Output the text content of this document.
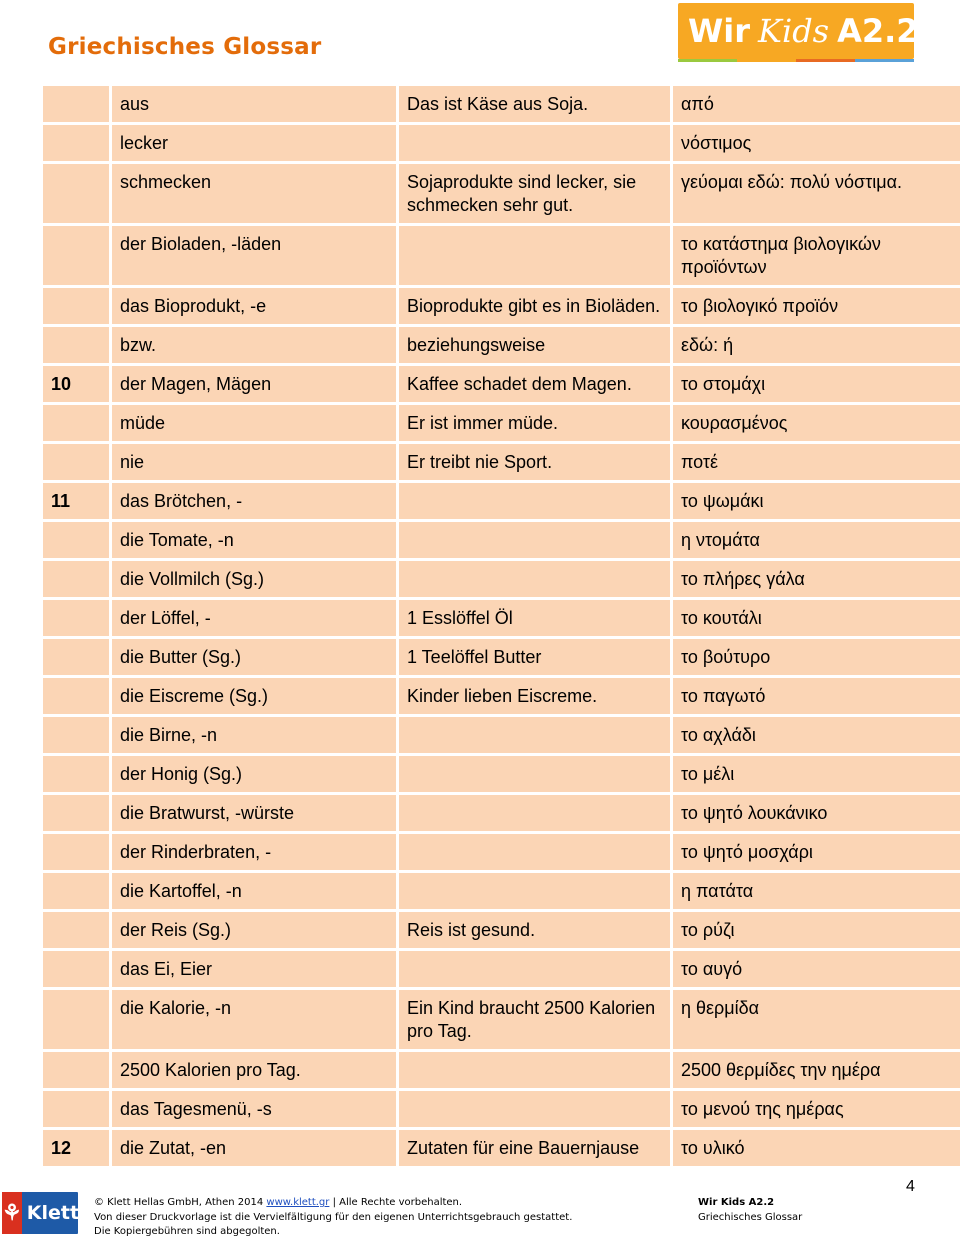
Griechisches Glossar	Wir Kids A2.2
	aus	Das ist Käse aus Soja.	από
	lecker		νόστιμος
	schmecken	Sojaprodukte sind lecker, sie schmecken sehr gut.	γεύομαι εδώ: πολύ νόστιμα.
	der Bioladen, -läden		το κατάστημα βιολογικών προϊόντων
	das Bioprodukt, -e	Bioprodukte gibt es in Bioläden.	το βιολογικό προϊόν
	bzw.	beziehungsweise	εδώ: ή
10	der Magen, Mägen	Kaffee schadet dem Magen.	το στομάχι
	müde	Er ist immer müde.	κουρασμένος
	nie	Er treibt nie Sport.	ποτέ
11	das Brötchen, -		το ψωμάκι
	die Tomate, -n		η ντομάτα
	die Vollmilch (Sg.)		το πλήρες γάλα
	der Löffel, -	1 Esslöffel Öl	το κουτάλι
	die Butter (Sg.)	1 Teelöffel Butter	το βούτυρο
	die Eiscreme (Sg.)	Kinder lieben Eiscreme.	το παγωτό
	die Birne, -n		το αχλάδι
	der Honig (Sg.)		το μέλι
	die Bratwurst, -würste		το ψητό λουκάνικο
	der Rinderbraten, -		το ψητό μοσχάρι
	die Kartoffel, -n		η πατάτα
	der Reis (Sg.)	Reis ist gesund.	το ρύζι
	das Ei, Eier		το αυγό
	die Kalorie, -n	Ein Kind braucht 2500 Kalorien pro Tag.	η θερμίδα
	2500 Kalorien pro Tag.		2500 θερμίδες την ημέρα
	das Tagesmenü, -s		το μενού της ημέρας
12	die Zutat, -en	Zutaten für eine Bauernjause	το υλικό
4
⚘ Klett © Klett Hellas GmbH, Athen 2014 www.klett.gr | Alle Rechte vorbehalten.
Von dieser Druckvorlage ist die Vervielfältigung für den eigenen Unterrichtsgebrauch gestattet.
Die Kopiergebühren sind abgegolten.
Wir Kids A2.2
Griechisches Glossar
